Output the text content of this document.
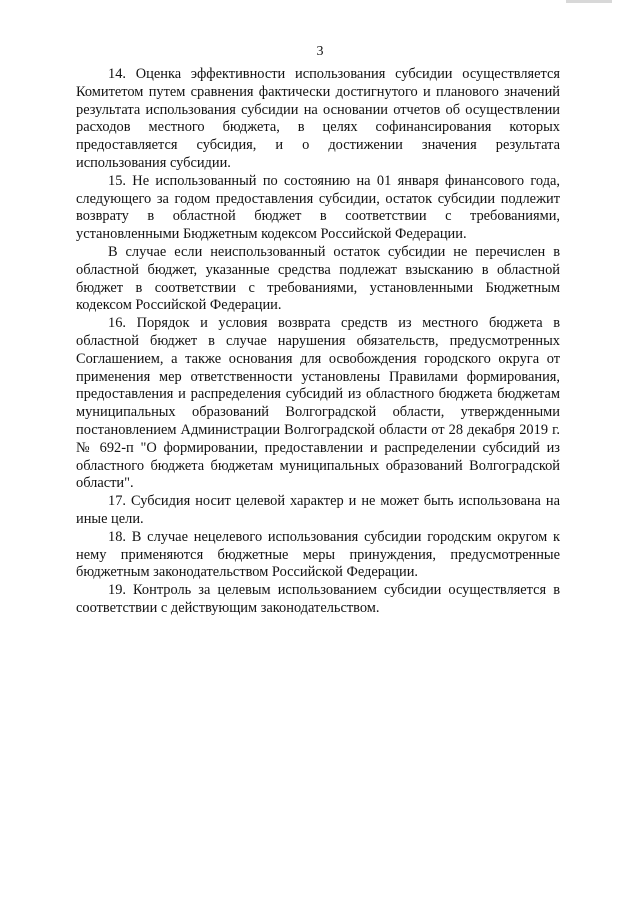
3

14. Оценка эффективности использования субсидии осуществляется Комитетом путем сравнения фактически достигнутого и планового значений результата использования субсидии на основании отчетов об осуществлении расходов местного бюджета, в целях софинансирования которых предоставляется субсидия, и о достижении значения результата использования субсидии.

15. Не использованный по состоянию на 01 января финансового года, следующего за годом предоставления субсидии, остаток субсидии подлежит возврату в областной бюджет в соответствии с требованиями, установленными Бюджетным кодексом Российской Федерации.

В случае если неиспользованный остаток субсидии не перечислен в областной бюджет, указанные средства подлежат взысканию в областной бюджет в соответствии с требованиями, установленными Бюджетным кодексом Российской Федерации.

16. Порядок и условия возврата средств из местного бюджета в областной бюджет в случае нарушения обязательств, предусмотренных Соглашением, а также основания для освобождения городского округа от применения мер ответственности установлены Правилами формирования, предоставления и распределения субсидий из областного бюджета бюджетам муниципальных образований Волгоградской области, утвержденными постановлением Администрации Волгоградской области от 28 декабря 2019 г. № 692-п "О формировании, предоставлении и распределении субсидий из областного бюджета бюджетам муниципальных образований Волгоградской области".

17. Субсидия носит целевой характер и не может быть использована на иные цели.

18. В случае нецелевого использования субсидии городским округом к нему применяются бюджетные меры принуждения, предусмотренные бюджетным законодательством Российской Федерации.

19. Контроль за целевым использованием субсидии осуществляется в соответствии с действующим законодательством.
